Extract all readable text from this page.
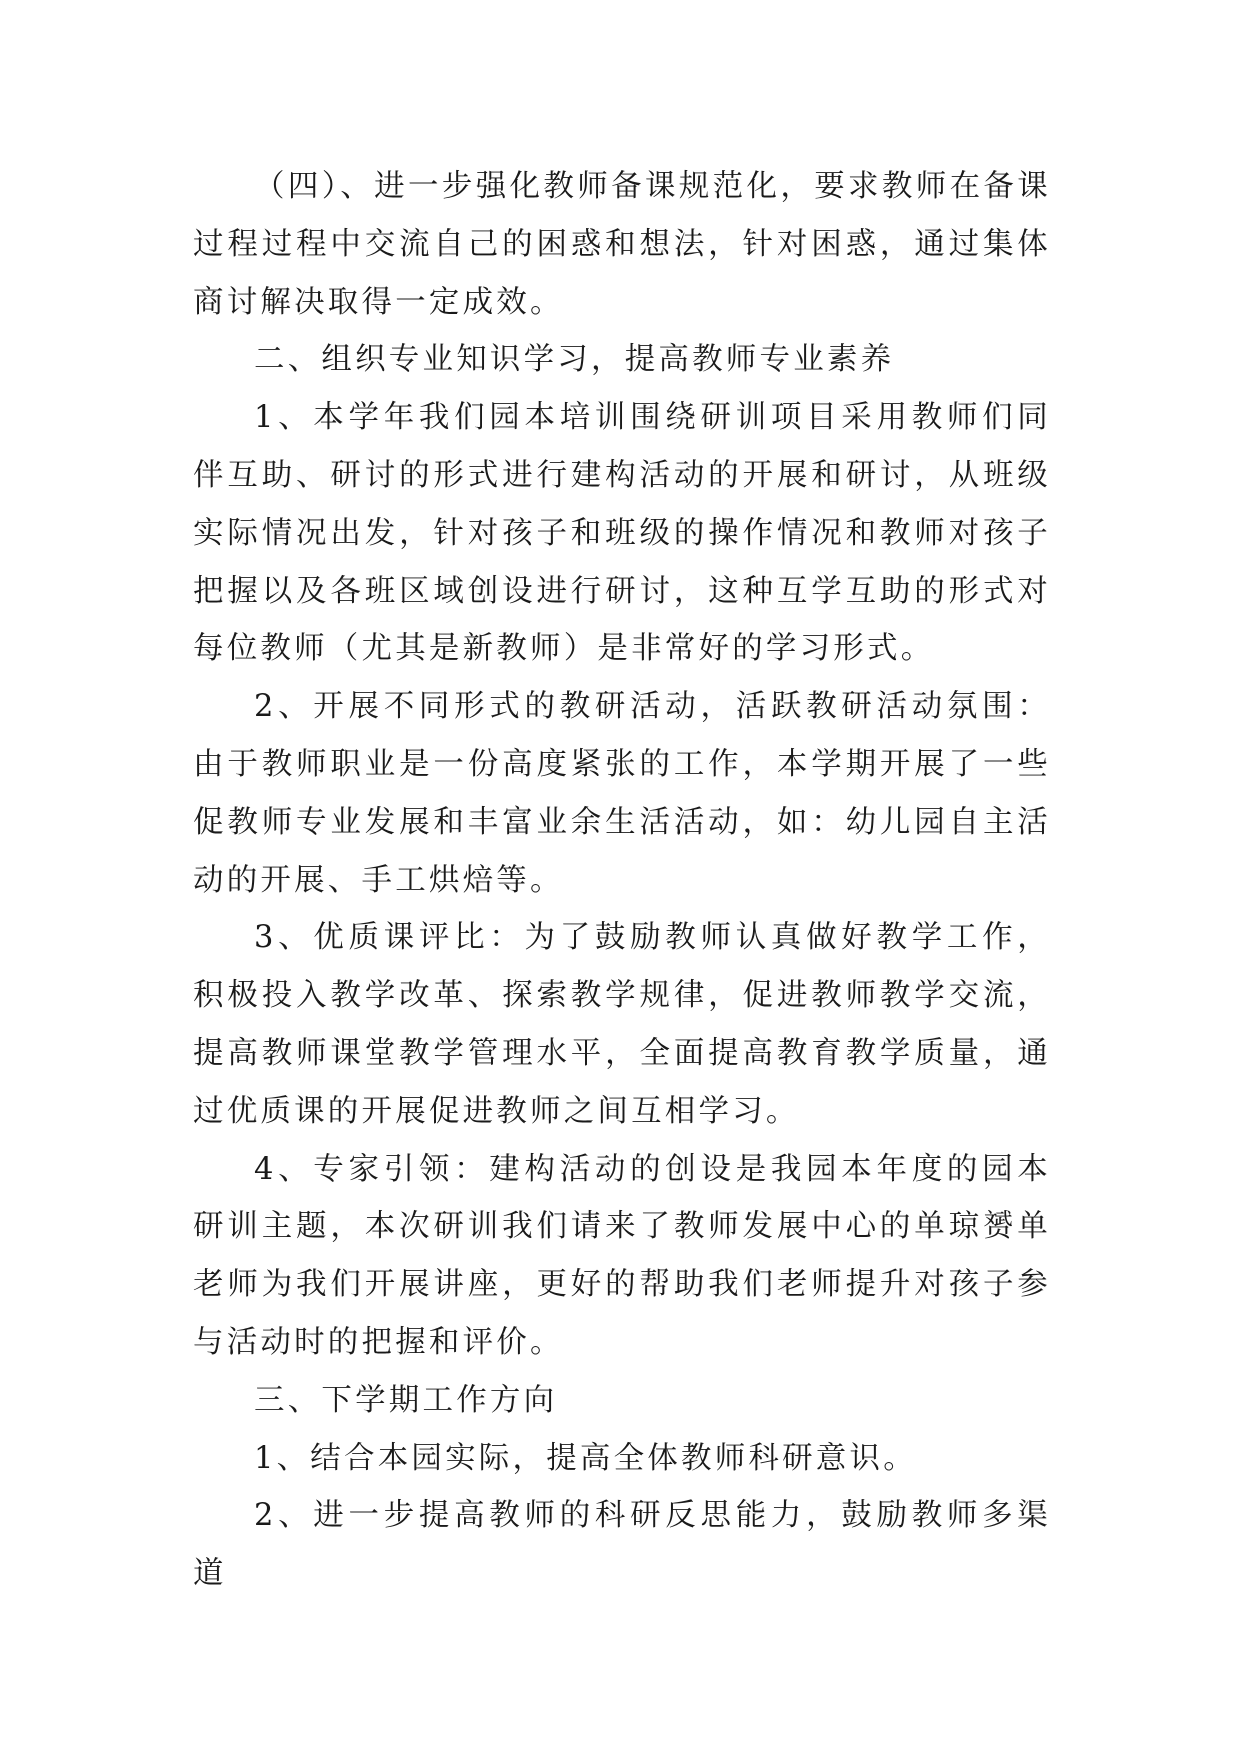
（四）、进一步强化教师备课规范化，要求教师在备课过程过程中交流自己的困惑和想法，针对困惑，通过集体商讨解决取得一定成效。

二、组织专业知识学习，提高教师专业素养

1、本学年我们园本培训围绕研训项目采用教师们同伴互助、研讨的形式进行建构活动的开展和研讨，从班级实际情况出发，针对孩子和班级的操作情况和教师对孩子把握以及各班区域创设进行研讨，这种互学互助的形式对每位教师（尤其是新教师）是非常好的学习形式。

2、开展不同形式的教研活动，活跃教研活动氛围：由于教师职业是一份高度紧张的工作，本学期开展了一些促教师专业发展和丰富业余生活活动，如：幼儿园自主活动的开展、手工烘焙等。

3、优质课评比：为了鼓励教师认真做好教学工作，积极投入教学改革、探索教学规律，促进教师教学交流，提高教师课堂教学管理水平，全面提高教育教学质量，通过优质课的开展促进教师之间互相学习。

4、专家引领：建构活动的创设是我园本年度的园本研训主题，本次研训我们请来了教师发展中心的单琼赟单老师为我们开展讲座，更好的帮助我们老师提升对孩子参与活动时的把握和评价。

三、下学期工作方向

1、结合本园实际，提高全体教师科研意识。

2、进一步提高教师的科研反思能力，鼓励教师多渠道
